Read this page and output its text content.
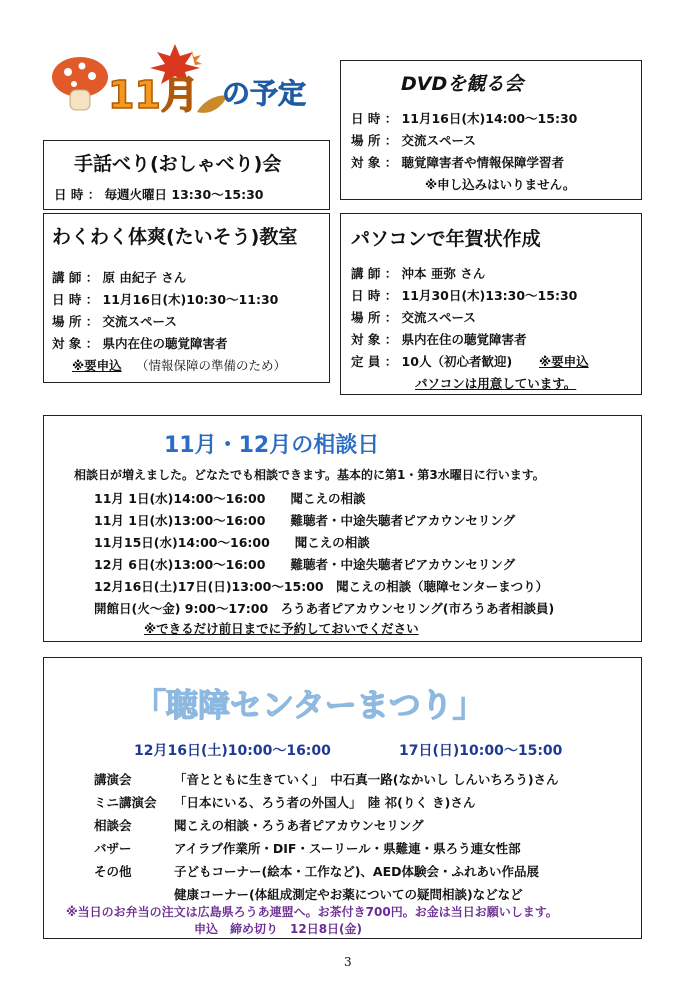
11月 の予定	DVDを観る会
日 時 ： 11月16日(木)14:00～15:30
場 所 ： 交流スペース
対 象 ： 聴覚障害者や情報保障学習者
※申し込みはいりません。
手話べり(おしゃべり)会
日 時 ： 毎週火曜日 13:30～15:30
わくわく体爽(たいそう)教室
講 師 ： 原 由紀子 さん
日 時 ： 11月16日(木)10:30～11:30
場 所 ： 交流スペース
対 象 ： 県内在住の聴覚障害者
※要申込 （情報保障の準備のため）
パソコンで年賀状作成
講 師 ： 沖本 亜弥 さん
日 時 ： 11月30日(木)13:30～15:30
場 所 ： 交流スペース
対 象 ： 県内在住の聴覚障害者
定 員 ： 10人（初心者歓迎) ※要申込
パソコンは用意しています。
11月・12月の相談日
相談日が増えました。どなたでも相談できます。基本的に第1・第3水曜日に行います。
11月 1日(水)14:00～16:00　　聞こえの相談
11月 1日(水)13:00～16:00　　難聴者・中途失聴者ピアカウンセリング
11月15日(水)14:00～16:00　　聞こえの相談
12月 6日(水)13:00～16:00　　難聴者・中途失聴者ピアカウンセリング
12月16日(土)17日(日)13:00～15:00　聞こえの相談（聴障センターまつり）
開館日(火～金) 9:00～17:00　ろうあ者ピアカウンセリング(市ろうあ者相談員)
※できるだけ前日までに予約しておいでください
「聴障センターまつり」
12月16日(土)10:00～16:00	17日(日)10:00～15:00
講演会	「音とともに生きていく」　中石真一路(なかいし しんいちろう)さん
ミニ講演会 「日本にいる、ろう者の外国人」　陸 祁(りく き)さん
相談会	聞こえの相談・ろうあ者ピアカウンセリング
バザー	アイラブ作業所・DIF・スーリール・県難連・県ろう連女性部
その他	子どもコーナー(絵本・工作など)、AED体験会・ふれあい作品展
健康コーナー(体組成測定やお薬についての疑問相談)などなど
※当日のお弁当の注文は広島県ろうあ連盟へ。お茶付き700円。お金は当日お願いします。
申込　締め切り　12日8日(金)
3
